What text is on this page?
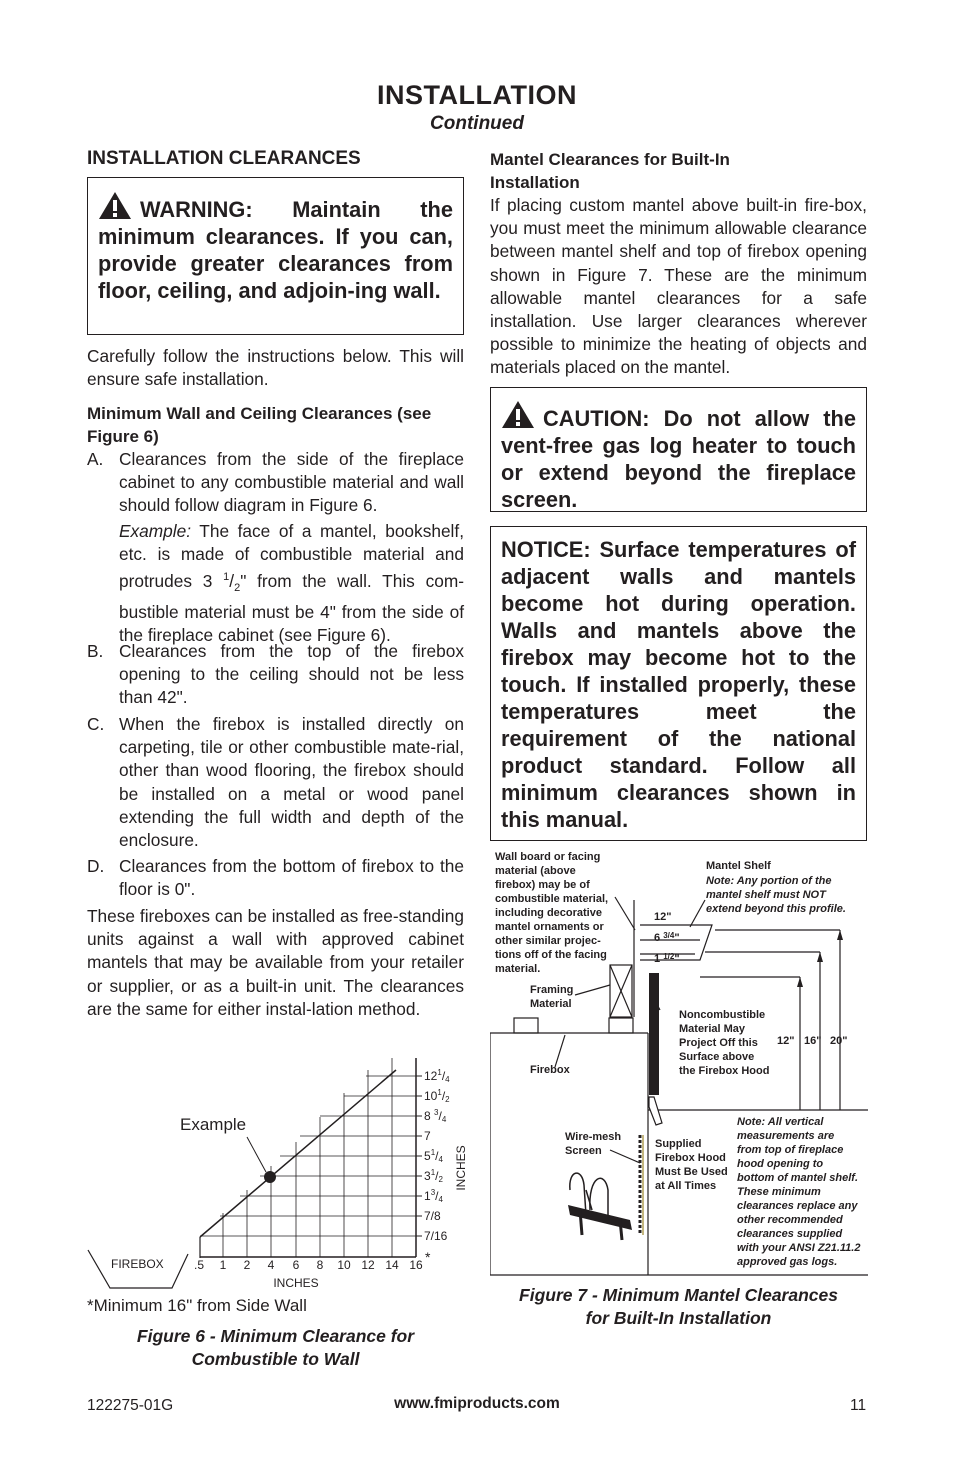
INSTALLATION
Continued
INSTALLATION CLEARANCES
WARNING: Maintain the minimum clearances. If you can, provide greater clearances from floor, ceiling, and adjoin-ing wall.
Carefully follow the instructions below. This will ensure safe installation.
Minimum Wall and Ceiling Clearances (see Figure 6)
A. Clearances from the side of the fireplace cabinet to any combustible material and wall should follow diagram in Figure 6.
Example: The face of a mantel, bookshelf, etc. is made of combustible material and protrudes 3 $^1/_2$" from the wall. This com-bustible material must be 4" from the side of the fireplace cabinet (see Figure 6).
B. Clearances from the top of the firebox opening to the ceiling should not be less than 42".
C. When the firebox is installed directly on carpeting, tile or other combustible mate-rial, other than wood flooring, the firebox should be installed on a metal or wood panel extending the full width and depth of the enclosure.
D. Clearances from the bottom of firebox to the floor is 0".
These fireboxes can be installed as free-standing units against a wall with approved cabinet mantels that may be available from your retailer or supplier, or as a built-in unit. The clearances are the same for either instal-lation method.
Example
FIREBOX	.5 1 2 4 6 8 10 12 14 16 *
INCHES
INCHES
$12^1/4$
$10^1/2$
8 $^3$/4
7
$5^1/4$
$3^1/2$
$1^3/4$
7/8
7/16
*Minimum 16" from Side Wall
Figure 6 - Minimum Clearance for
Combustible to Wall
Mantel Clearances for Built-In
Installation
If placing custom mantel above built-in fire-box, you must meet the minimum allowable clearance between mantel shelf and top of firebox opening shown in Figure 7. These are the minimum allowable mantel clearances for a safe installation. Use larger clearances wherever possible to minimize the heating of objects and materials placed on the mantel.
CAUTION: Do not allow the vent-free gas log heater to touch or extend beyond the fireplace screen.
NOTICE: Surface temperatures of adjacent walls and mantels become hot during operation. Walls and mantels above the firebox may become hot to the touch. If installed properly, these temperatures meet the requirement of the national product standard. Follow all minimum clearances shown in this manual.
Wall board or facing material (above firebox) may be of combustible material, including decorative mantel ornaments or other similar projec- tions off of the facing material.
Mantel Shelf
12"
6 $^{3/4}$"
1 $^{1/2}$"
Framing Material
Noncombustible Material May Project Off this Surface above the Firebox Hood
12" 16" 20"
Firebox
Wire-mesh Screen
Supplied Firebox Hood Must Be Used at All Times
Note: Any portion of the mantel shelf must NOT extend beyond this profile.
Note: All vertical measurements are from top of fireplace hood opening to bottom of mantel shelf. These minimum clearances replace any other recommended clearances supplied with your ANSI Z21.11.2 approved gas logs.
Figure 7 - Minimum Mantel Clearances
for Built-In Installation
122275-01G	www.fmiproducts.com	11
